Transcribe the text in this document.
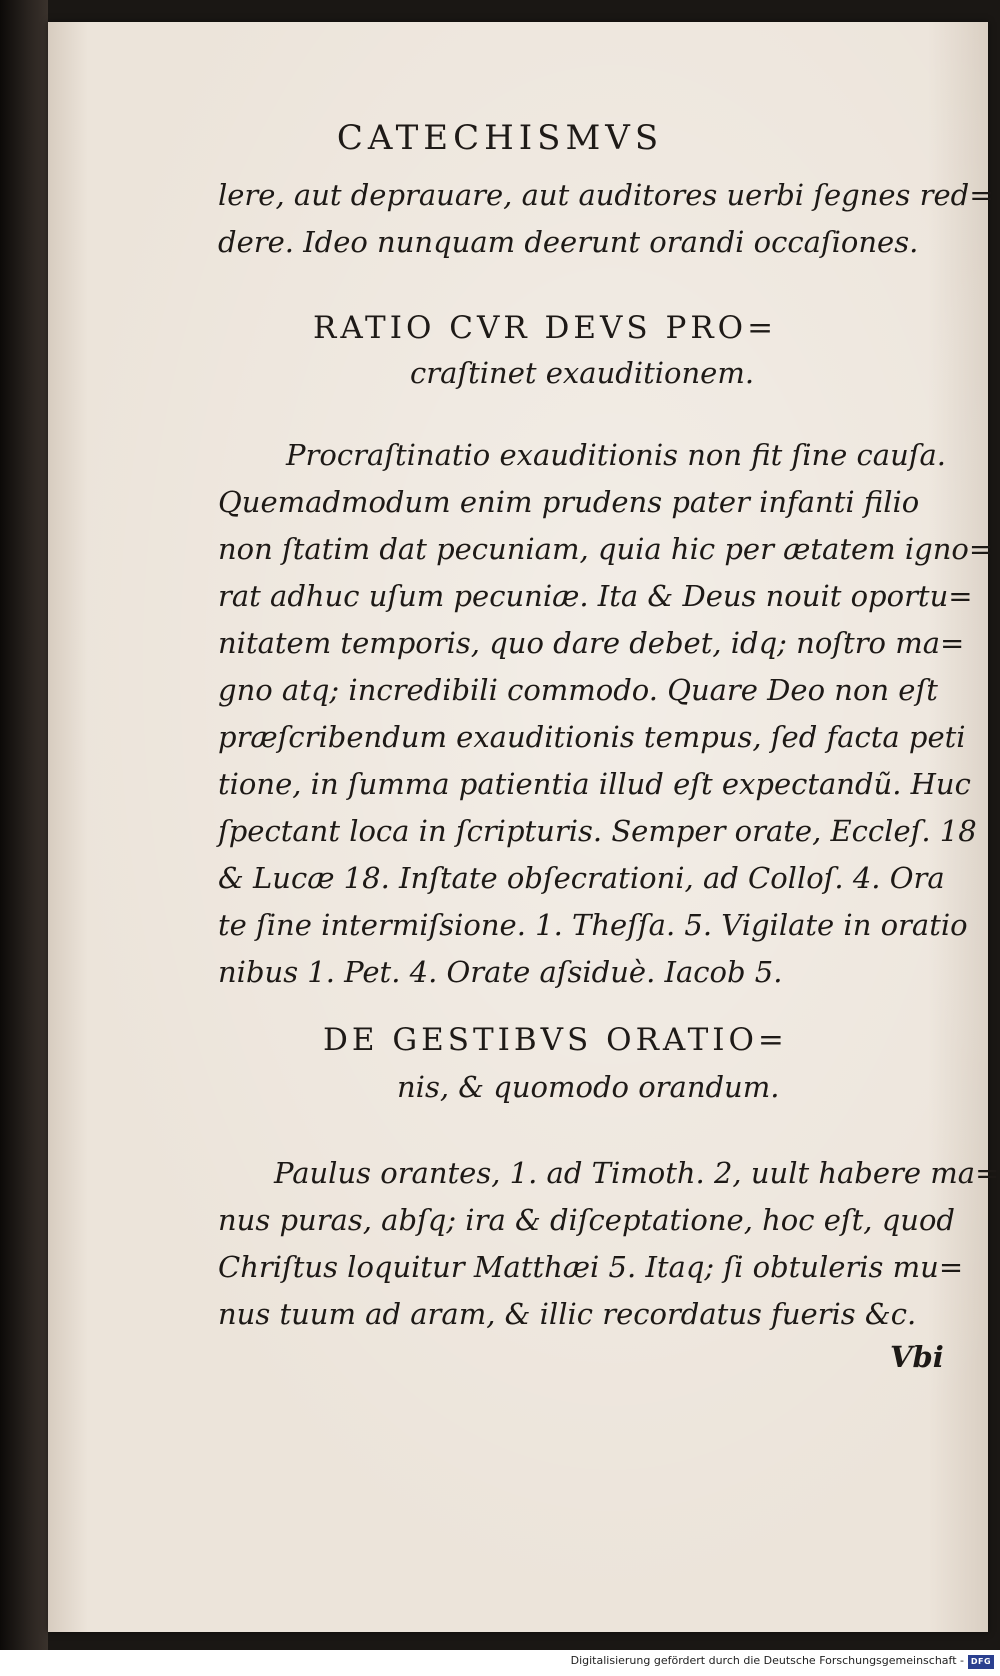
CATECHISMVS
lere, aut deprauare, aut auditores uerbi ſegnes red=
dere. Ideo nunquam deerunt orandi occaſiones.
RATIO CVR DEVS PRO=
craſtinet exauditionem.
Procraſtinatio exauditionis non fit ſine cauſa.
Quemadmodum enim prudens pater infanti filio
non ſtatim dat pecuniam, quia hic per ætatem igno=
rat adhuc uſum pecuniæ. Ita & Deus nouit oportu=
nitatem temporis, quo dare debet, idq; noſtro ma=
gno atq; incredibili commodo. Quare Deo non eſt
præſcribendum exauditionis tempus, ſed facta peti
tione, in ſumma patientia illud eſt expectandũ. Huc
ſpectant loca in ſcripturis. Semper orate, Ecclеſ. 18
& Lucæ 18. Inſtate obſecrationi, ad Colloſ. 4. Ora
te ſine intermiſsione. 1. Theſſa. 5. Vigilate in oratio
nibus 1. Pet. 4. Orate aſsiduè. Iacob 5.
DE GESTIBVS ORATIO=
nis, & quomodo orandum.
Paulus orantes, 1. ad Timoth. 2, uult habere ma=
nus puras, abſq; ira & diſceptatione, hoc eſt, quod
Chriſtus loquitur Matthæi 5. Itaq; ſi obtuleris mu=
nus tuum ad aram, & illic recordatus fueris &c.
Vbi
Digitalisierung gefördert durch die Deutsche Forschungsgemeinschaft - DFG
